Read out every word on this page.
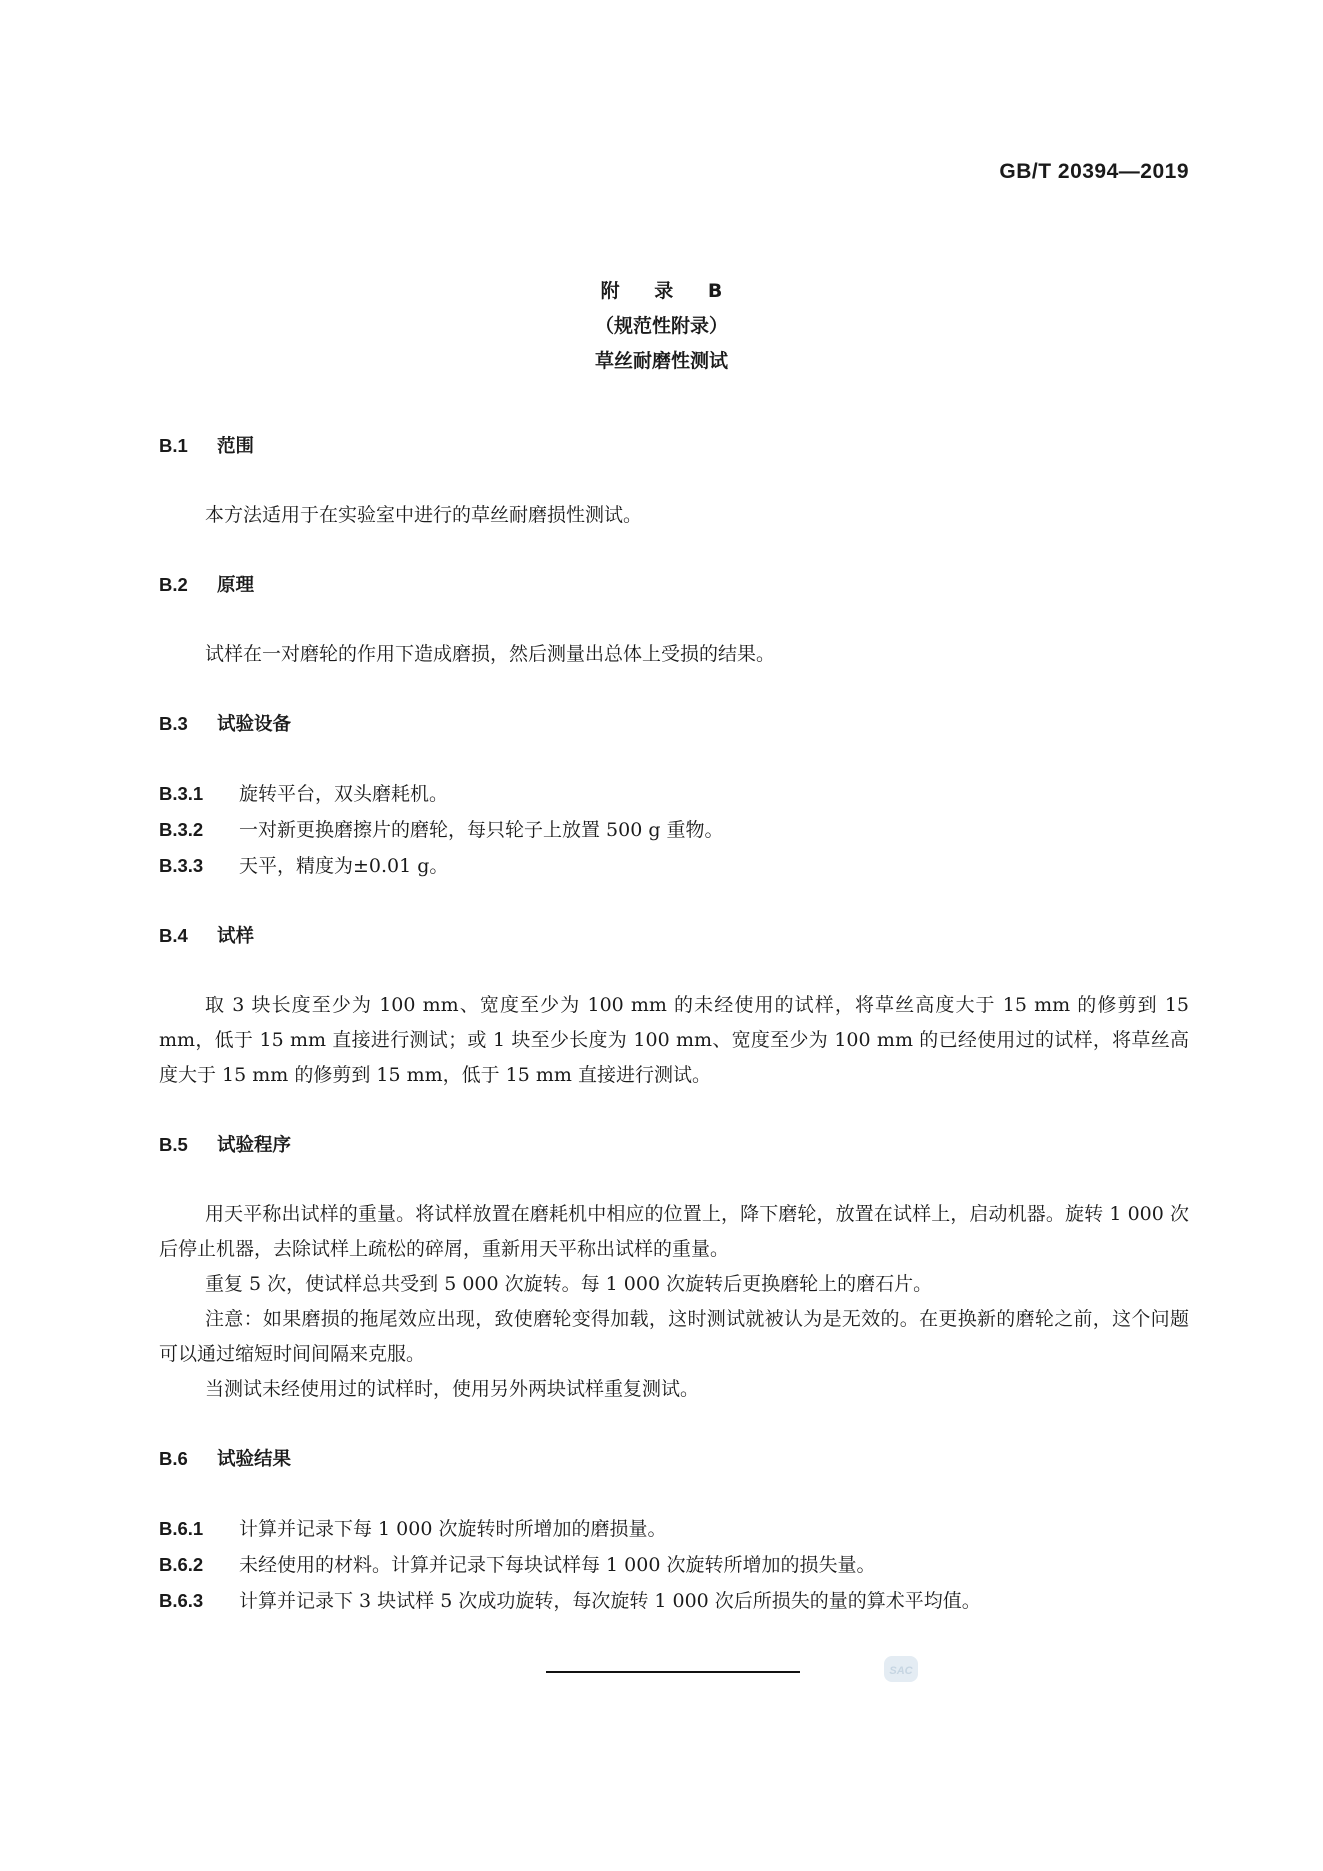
GB/T 20394—2019
附 录 B
（规范性附录）
草丝耐磨性测试
B.1 范围

本方法适用于在实验室中进行的草丝耐磨损性测试。

B.2 原理

试样在一对磨轮的作用下造成磨损，然后测量出总体上受损的结果。

B.3 试验设备
B.3.1 旋转平台，双头磨耗机。
B.3.2 一对新更换磨擦片的磨轮，每只轮子上放置 500 g 重物。
B.3.3 天平，精度为±0.01 g。
B.4 试样

取 3 块长度至少为 100 mm、宽度至少为 100 mm 的未经使用的试样，将草丝高度大于 15 mm 的修剪到 15 mm，低于 15 mm 直接进行测试；或 1 块至少长度为 100 mm、宽度至少为 100 mm 的已经使用过的试样，将草丝高度大于 15 mm 的修剪到 15 mm，低于 15 mm 直接进行测试。

B.5 试验程序

用天平称出试样的重量。将试样放置在磨耗机中相应的位置上，降下磨轮，放置在试样上，启动机器。旋转 1 000 次后停止机器，去除试样上疏松的碎屑，重新用天平称出试样的重量。

重复 5 次，使试样总共受到 5 000 次旋转。每 1 000 次旋转后更换磨轮上的磨石片。

注意：如果磨损的拖尾效应出现，致使磨轮变得加载，这时测试就被认为是无效的。在更换新的磨轮之前，这个问题可以通过缩短时间间隔来克服。

当测试未经使用过的试样时，使用另外两块试样重复测试。

B.6 试验结果
B.6.1 计算并记录下每 1 000 次旋转时所增加的磨损量。
B.6.2 未经使用的材料。计算并记录下每块试样每 1 000 次旋转所增加的损失量。
B.6.3 计算并记录下 3 块试样 5 次成功旋转，每次旋转 1 000 次后所损失的量的算术平均值。
SAC
